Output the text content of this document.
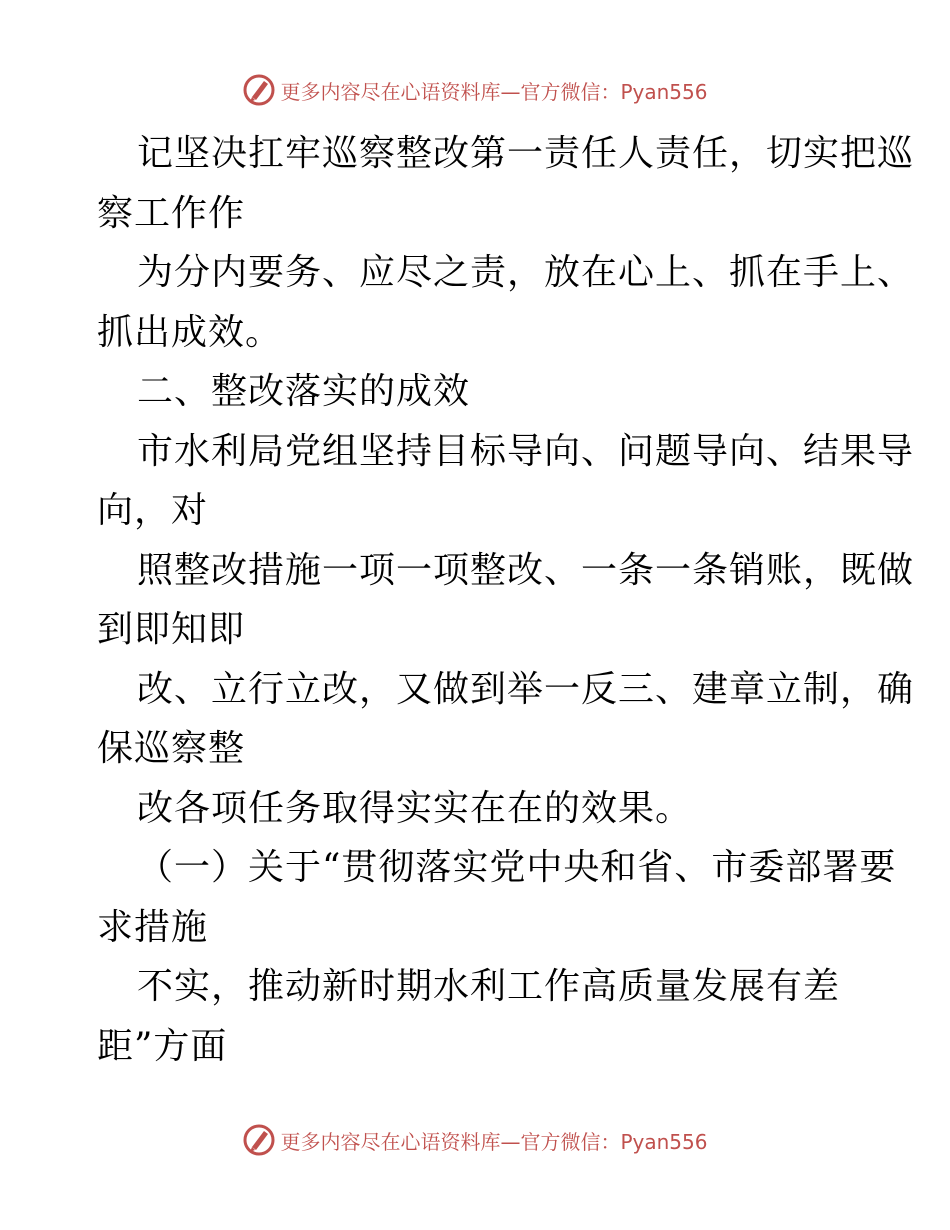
更多内容尽在心语资料库—官方微信：Pyan556
记坚决扛牢巡察整改第一责任人责任，切实把巡
察工作作
为分内要务、应尽之责，放在心上、抓在手上、
抓出成效。
二、整改落实的成效
市水利局党组坚持目标导向、问题导向、结果导
向，对
照整改措施一项一项整改、一条一条销账，既做
到即知即
改、立行立改，又做到举一反三、建章立制，确
保巡察整
改各项任务取得实实在在的效果。
（一）关于“贯彻落实党中央和省、市委部署要
求措施
不实，推动新时期水利工作高质量发展有差
距”方面
更多内容尽在心语资料库—官方微信：Pyan556
